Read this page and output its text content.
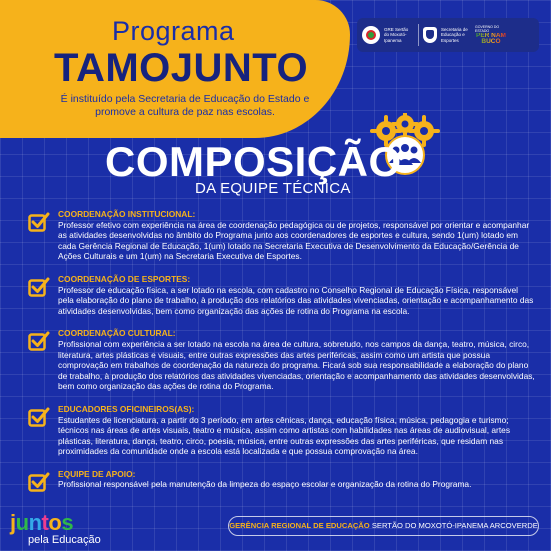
Programa
TAMOJUNTO
É instituído pela Secretaria de Educação do Estado e promove a cultura de paz nas escolas.
GRE Sertão do Moxotó-Ipanema
Secretaria de Educação e Esportes
GOVERNO DO ESTADO
PER NAM BUCO
COMPOSIÇÃO
DA EQUIPE TÉCNICA
COORDENAÇÃO INSTITUCIONAL:
Professor efetivo com experiência na área de coordenação pedagógica ou de projetos, responsável por orientar e acompanhar as atividades desenvolvidas no âmbito do Programa junto aos coordenadores de esportes e cultura, sendo 1(um) lotado em cada Gerência Regional de Educação, 1(um) lotado na Secretaria Executiva de Desenvolvimento da Educação/Gerência de Ações Culturais e um 1(um) na Secretaria Executiva de Esportes.
COORDENAÇÃO DE ESPORTES:
Professor de educação física, a ser lotado na escola, com cadastro no Conselho Regional de Educação Física, responsável pela elaboração do plano de trabalho, à produção dos relatórios das atividades vivenciadas, orientação e acompanhamento das atividades desenvolvidas, bem como organização das ações de rotina do Programa na escola.
COORDENAÇÃO CULTURAL:
Profissional com experiência a ser lotado na escola na área de cultura, sobretudo, nos campos da dança, teatro, música, circo, literatura, artes plásticas e visuais, entre outras expressões das artes periféricas, assim como um artista que possua comprovação em trabalhos de coordenação da natureza do programa. Ficará sob sua responsabilidade a elaboração do plano de trabalho, à produção dos relatórios das atividades vivenciadas, orientação e acompanhamento das atividades desenvolvidas, bem como organização das ações de rotina do Programa.
EDUCADORES OFICINEIROS(AS):
Estudantes de licenciatura, a partir do 3 período, em artes cênicas, dança, educação física, música, pedagogia e turismo; técnicos nas áreas de artes visuais, teatro e música, assim como artistas com habilidades nas áreas de audiovisual, artes plásticas, literatura, dança, teatro, circo, poesia, música, entre outras expressões das artes periféricas, que residam nas proximidades da comunidade onde a escola está localizada e que possua comprovação na área.
EQUIPE DE APOIO:
Profissional responsável pela manutenção da limpeza do espaço escolar e organização da rotina do Programa.
juntos
pela Educação
GERÊNCIA REGIONAL DE EDUCAÇÃO SERTÃO DO MOXOTÓ-IPANEMA ARCOVERDE
